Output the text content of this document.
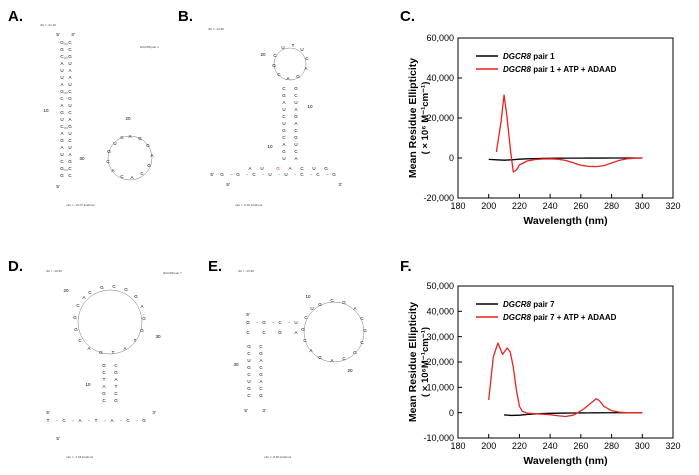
A.	dG = -31.30
DGCR8 pair 1
mfe = -14.07 kcal/mol
5'	3'
G C
G C
C G
A U
U A
U A
A U
G C
C G
A U
G C
U A
C G
A U
G C
A U
U A
C G
G C
G C
5'
10
30
20
A G
G
A
G
C
A
C
A
C
G
U
C
B.
dG = -12.90
mfe = -6.92 kcal/mol
U T
U
C
A
G
A
C
G
C
20
C G
G C
A U
U A
C G
U A
G C
C G
A U
G C
U A
10
10
5' G - G - C - U - U - C - C - G
5'	3'
G
A U	A C U G
C.
180 200 220 240 260 280 300 320
-20,000
0
20,000
40,000
60,000
DGCR8 pair 1
DGCR8 pair 1 + ATP + ADAAD
Wavelength (nm)
Mean Residue Ellipticity ( × 10⁶ M⁻¹cm⁻¹)
D.	dG = -10.60	DGCR8 pair 7
mfe = -7.04 kcal/mol
C
G C
G
G
A
G
G
T
A
T
G
A
C
G
G
C
A
20
30
G C
C G
T A
A T
G C
C G
10
T - C - A - T - A - C - G
5'	3'
5'
E.	dG = -13.90
mfe = -8.80 kcal/mol
G
C G
A
C
G
C
G
C
A
G
A
C
G
C
U
10
20
G - G - C - U
5'
C	C	G	A
G C
C G
U A
G C
C G
U A
G C
C G
30
5'	3'
F.
180 200 220 240 260 280 300 320
-10,000
0
10,000
20,000
30,000
40,000
50,000
DGCR8 pair 7
DGCR8 pair 7 + ATP + ADAAD
Wavelength (nm)
Mean Residue Ellipticity ( × 10⁶M⁻¹cm⁻¹)
